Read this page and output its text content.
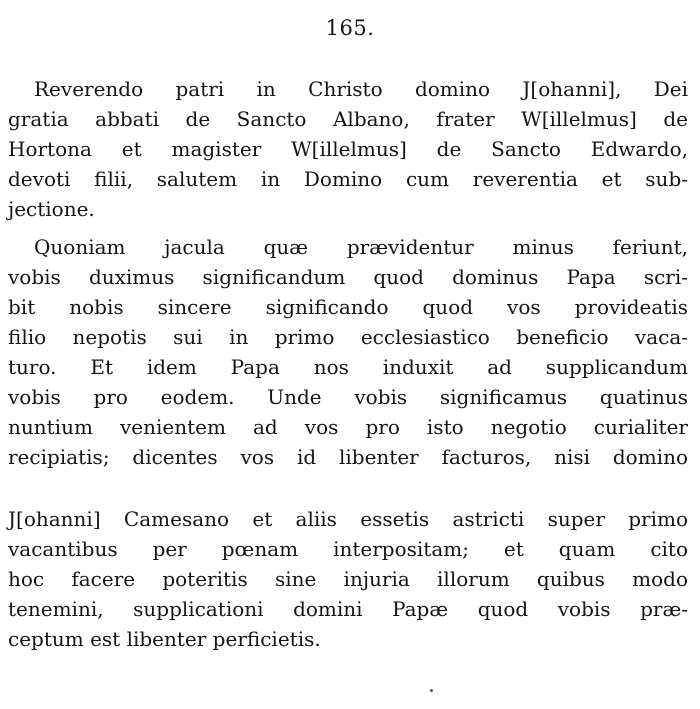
165.
Reverendo patri in Christo domino J[ohanni], Dei
gratia abbati de Sancto Albano, frater W[illelmus] de
Hortona et magister W[illelmus] de Sancto Edwardo,
devoti filii, salutem in Domino cum reverentia et sub-
jectione.
Quoniam jacula quæ prævidentur minus feriunt,
vobis duximus significandum quod dominus Papa scri-
bit nobis sincere significando quod vos provideatis
filio nepotis sui in primo ecclesiastico beneficio vaca-
turo. Et idem Papa nos induxit ad supplicandum
vobis pro eodem. Unde vobis significamus quatinus
nuntium venientem ad vos pro isto negotio curialiter
recipiatis; dicentes vos id libenter facturos, nisi domino
J[ohanni] Camesano et aliis essetis astricti super primo
vacantibus per pœnam interpositam; et quam cito
hoc facere poteritis sine injuria illorum quibus modo
tenemini, supplicationi domini Papæ quod vobis præ-
ceptum est libenter perficietis.
